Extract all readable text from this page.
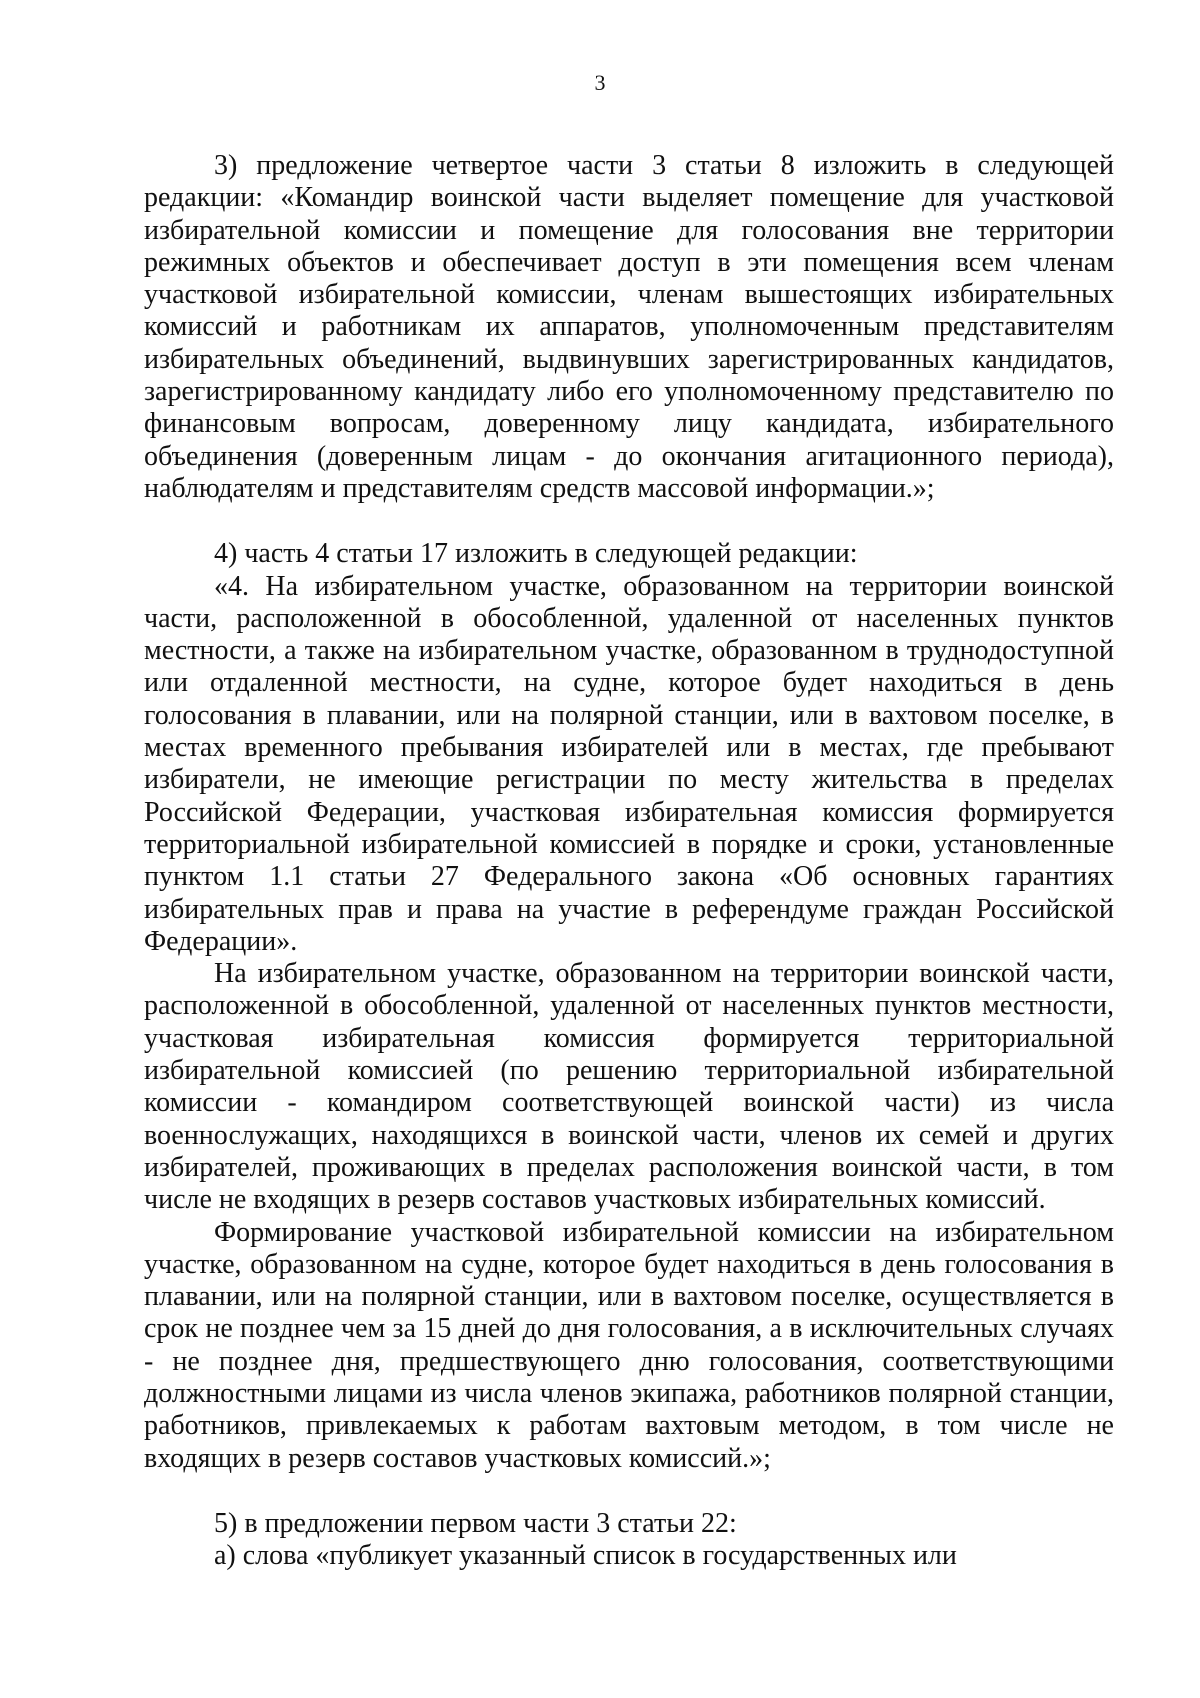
3

3) предложение четвертое части 3 статьи 8 изложить в следующей редакции: «Командир воинской части выделяет помещение для участковой избирательной комиссии и помещение для голосования вне территории режимных объектов и обеспечивает доступ в эти помещения всем членам участковой избирательной комиссии, членам вышестоящих избирательных комиссий и работникам их аппаратов, уполномоченным представителям избирательных объединений, выдвинувших зарегистрированных кандидатов, зарегистрированному кандидату либо его уполномоченному представителю по финансовым вопросам, доверенному лицу кандидата, избирательного объединения (доверенным лицам - до окончания агитационного периода), наблюдателям и представителям средств массовой информации.»;

4) часть 4 статьи 17 изложить в следующей редакции:

«4. На избирательном участке, образованном на территории воинской части, расположенной в обособленной, удаленной от населенных пунктов местности, а также на избирательном участке, образованном в труднодоступной или отдаленной местности, на судне, которое будет находиться в день голосования в плавании, или на полярной станции, или в вахтовом поселке, в местах временного пребывания избирателей или в местах, где пребывают избиратели, не имеющие регистрации по месту жительства в пределах Российской Федерации, участковая избирательная комиссия формируется территориальной избирательной комиссией в порядке и сроки, установленные пунктом 1.1 статьи 27 Федерального закона «Об основных гарантиях избирательных прав и права на участие в референдуме граждан Российской Федерации».

На избирательном участке, образованном на территории воинской части, расположенной в обособленной, удаленной от населенных пунктов местности, участковая избирательная комиссия формируется территориальной избирательной комиссией (по решению территориальной избирательной комиссии - командиром соответствующей воинской части) из числа военнослужащих, находящихся в воинской части, членов их семей и других избирателей, проживающих в пределах расположения воинской части, в том числе не входящих в резерв составов участковых избирательных комиссий.

Формирование участковой избирательной комиссии на избирательном участке, образованном на судне, которое будет находиться в день голосования в плавании, или на полярной станции, или в вахтовом поселке, осуществляется в срок не позднее чем за 15 дней до дня голосования, а в исключительных случаях - не позднее дня, предшествующего дню голосования, соответствующими должностными лицами из числа членов экипажа, работников полярной станции, работников, привлекаемых к работам вахтовым методом, в том числе не входящих в резерв составов участковых комиссий.»;

5) в предложении первом части 3 статьи 22:

а) слова «публикует указанный список в государственных или
